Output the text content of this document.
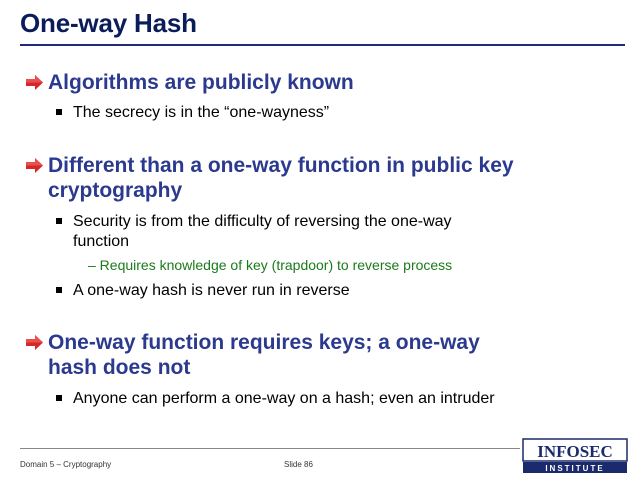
One-way Hash
Algorithms are publicly known
The secrecy is in the “one-wayness”
Different than a one-way function in public key
cryptography
Security is from the difficulty of reversing the one-way
function
– Requires knowledge of key (trapdoor) to reverse process
A one-way hash is never run in reverse
One-way function requires keys; a one-way
hash does not
Anyone can perform a one-way on a hash; even an intruder
Domain 5 – Cryptography	Slide 86
INFOSEC
INSTITUTE
